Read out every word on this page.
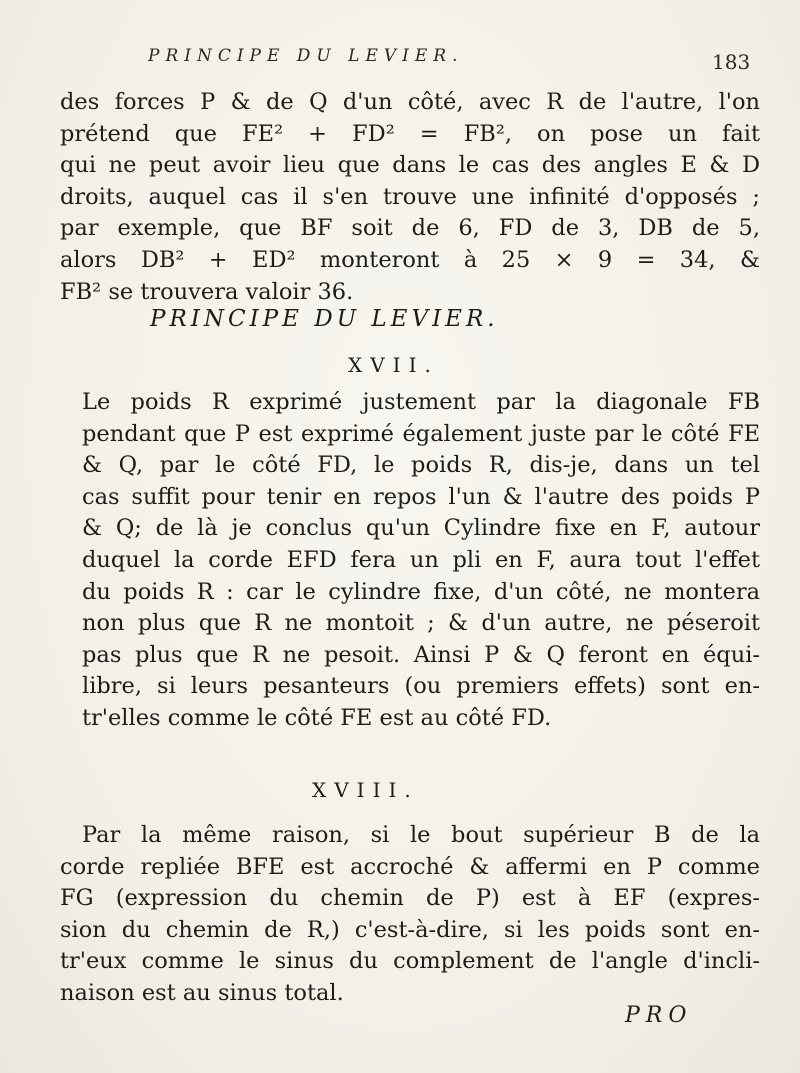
PRINCIPE DU LEVIER.	183
des forces P & de Q d'un côté, avec R de l'autre, l'on
prétend que FE² + FD² = FB², on pose un fait
qui ne peut avoir lieu que dans le cas des angles E & D
droits, auquel cas il s'en trouve une infinité d'opposés ;
par exemple, que BF soit de 6, FD de 3, DB de 5,
alors DB² + ED² monteront à 25 × 9 = 34, &
FB² se trouvera valoir 36.
PRINCIPE DU LEVIER.
XVII.
Le poids R exprimé justement par la diagonale FB
pendant que P est exprimé également juste par le côté FE
& Q, par le côté FD, le poids R, dis-je, dans un tel
cas suffit pour tenir en repos l'un & l'autre des poids P
& Q; de là je conclus qu'un Cylindre fixe en F, autour
duquel la corde EFD fera un pli en F, aura tout l'effet
du poids R : car le cylindre fixe, d'un côté, ne montera
non plus que R ne montoit ; & d'un autre, ne péseroit
pas plus que R ne pesoit. Ainsi P & Q feront en équi-
libre, si leurs pesanteurs (ou premiers effets) sont en-
tr'elles comme le côté FE est au côté FD.
XVIII.
Par la même raison, si le bout supérieur B de la
corde repliée BFE est accroché & affermi en P comme
FG (expression du chemin de P) est à EF (expres-
sion du chemin de R,) c'est-à-dire, si les poids sont en-
tr'eux comme le sinus du complement de l'angle d'incli-
naison est au sinus total.
PRO
